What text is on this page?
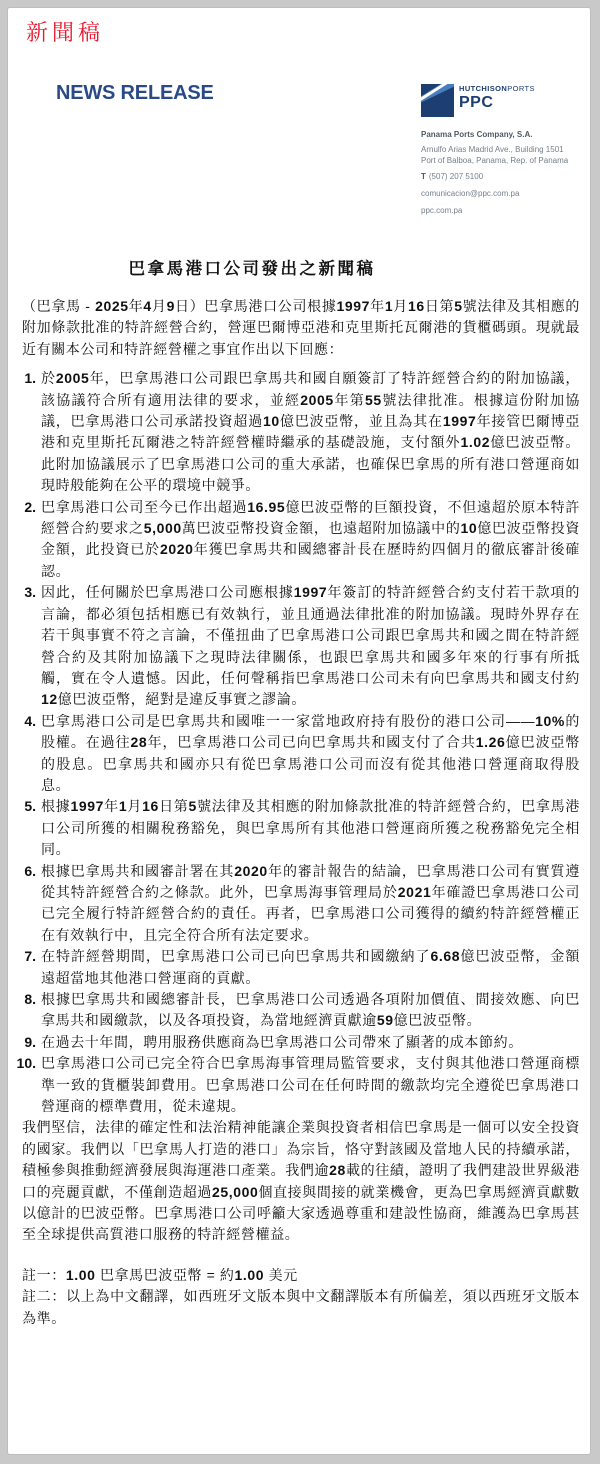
新聞稿
NEWS RELEASE	HUTCHISONPORTS
PPC
Panama Ports Company, S.A.
Arnulfo Arias Madrid Ave., Building 1501
Port of Balboa, Panama, Rep. of Panama
T (507) 207 5100
comunicacion@ppc.com.pa
ppc.com.pa
巴拿馬港口公司發出之新聞稿

（巴拿馬 - 2025年4月9日）巴拿馬港口公司根據1997年1月16日第5號法律及其相應的附加條款批准的特許經營合約，營運巴爾博亞港和克里斯托瓦爾港的貨櫃碼頭。現就最近有關本公司和特許經營權之事宜作出以下回應：

1. 於2005年，巴拿馬港口公司跟巴拿馬共和國自願簽訂了特許經營合約的附加協議，該協議符合所有適用法律的要求，並經2005年第55號法律批准。根據這份附加協議，巴拿馬港口公司承諾投資超過10億巴波亞幣，並且為其在1997年接管巴爾博亞港和克里斯托瓦爾港之特許經營權時繼承的基礎設施，支付額外1.02億巴波亞幣。此附加協議展示了巴拿馬港口公司的重大承諾，也確保巴拿馬的所有港口營運商如現時般能夠在公平的環境中競爭。
2. 巴拿馬港口公司至今已作出超過16.95億巴波亞幣的巨額投資，不但遠超於原本特許經營合約要求之5,000萬巴波亞幣投資金額，也遠超附加協議中的10億巴波亞幣投資金額，此投資已於2020年獲巴拿馬共和國總審計長在歷時約四個月的徹底審計後確認。
3. 因此，任何關於巴拿馬港口公司應根據1997年簽訂的特許經營合約支付若干款項的言論，都必須包括相應已有效執行，並且通過法律批准的附加協議。現時外界存在若干與事實不符之言論，不僅扭曲了巴拿馬港口公司跟巴拿馬共和國之間在特許經營合約及其附加協議下之現時法律關係，也跟巴拿馬共和國多年來的行事有所抵觸，實在令人遺憾。因此，任何聲稱指巴拿馬港口公司未有向巴拿馬共和國支付約12億巴波亞幣，絕對是違反事實之謬論。
4. 巴拿馬港口公司是巴拿馬共和國唯一一家當地政府持有股份的港口公司——10%的股權。在過往28年，巴拿馬港口公司已向巴拿馬共和國支付了合共1.26億巴波亞幣的股息。巴拿馬共和國亦只有從巴拿馬港口公司而沒有從其他港口營運商取得股息。
5. 根據1997年1月16日第5號法律及其相應的附加條款批准的特許經營合約，巴拿馬港口公司所獲的相關稅務豁免，與巴拿馬所有其他港口營運商所獲之稅務豁免完全相同。
6. 根據巴拿馬共和國審計署在其2020年的審計報告的結論，巴拿馬港口公司有實質遵從其特許經營合約之條款。此外，巴拿馬海事管理局於2021年確證巴拿馬港口公司已完全履行特許經營合約的責任。再者，巴拿馬港口公司獲得的續約特許經營權正在有效執行中，且完全符合所有法定要求。
7. 在特許經營期間，巴拿馬港口公司已向巴拿馬共和國繳納了6.68億巴波亞幣，金額遠超當地其他港口營運商的貢獻。
8. 根據巴拿馬共和國總審計長，巴拿馬港口公司透過各項附加價值、間接效應、向巴拿馬共和國繳款，以及各項投資，為當地經濟貢獻逾59億巴波亞幣。
9. 在過去十年間，聘用服務供應商為巴拿馬港口公司帶來了顯著的成本節約。
10. 巴拿馬港口公司已完全符合巴拿馬海事管理局監管要求，支付與其他港口營運商標準一致的貨櫃裝卸費用。巴拿馬港口公司在任何時間的繳款均完全遵從巴拿馬港口營運商的標準費用，從未違規。

我們堅信，法律的確定性和法治精神能讓企業與投資者相信巴拿馬是一個可以安全投資的國家。我們以「巴拿馬人打造的港口」為宗旨，恪守對該國及當地人民的持續承諾，積極參與推動經濟發展與海運港口產業。我們逾28載的往績，證明了我們建設世界級港口的亮麗貢獻，不僅創造超過25,000個直接與間接的就業機會，更為巴拿馬經濟貢獻數以億計的巴波亞幣。巴拿馬港口公司呼籲大家透過尊重和建設性協商，維護為巴拿馬甚至全球提供高質港口服務的特許經營權益。

註一：1.00 巴拿馬巴波亞幣 = 約1.00 美元

註二：以上為中文翻譯，如西班牙文版本與中文翻譯版本有所偏差，須以西班牙文版本為準。
